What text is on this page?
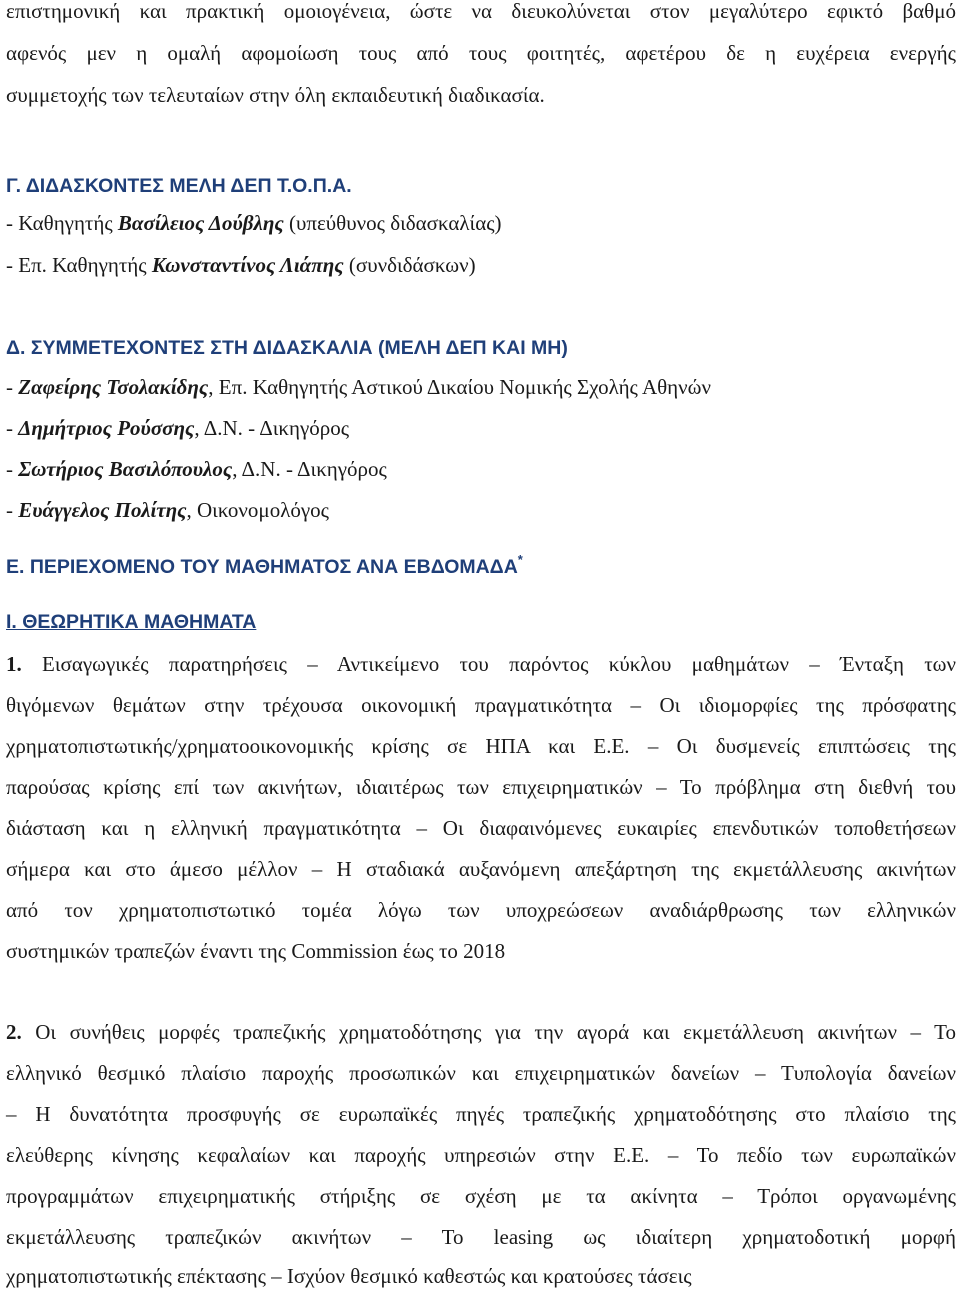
επιστημονική και πρακτική ομοιογένεια, ώστε να διευκολύνεται στον μεγαλύτερο εφικτό βαθμό
αφενός μεν η ομαλή αφομοίωση τους από τους φοιτητές, αφετέρου δε η ευχέρεια ενεργής
συμμετοχής των τελευταίων στην όλη εκπαιδευτική διαδικασία.
Γ. ΔΙΔΑΣΚΟΝΤΕΣ ΜΕΛΗ ΔΕΠ Τ.Ο.Π.Α.
- Καθηγητής Βασίλειος Δούβλης (υπεύθυνος διδασκαλίας)
- Επ. Καθηγητής Κωνσταντίνος Λιάπης (συνδιδάσκων)
Δ. ΣΥΜΜΕΤΕΧΟΝΤΕΣ ΣΤΗ ΔΙΔΑΣΚΑΛΙΑ (ΜΕΛΗ ΔΕΠ ΚΑΙ ΜΗ)
- Ζαφείρης Τσολακίδης, Επ. Καθηγητής Αστικού Δικαίου Νομικής Σχολής Αθηνών
- Δημήτριος Ρούσσης, Δ.Ν. - Δικηγόρος
- Σωτήριος Βασιλόπουλος, Δ.Ν. - Δικηγόρος
- Ευάγγελος Πολίτης, Οικονομολόγος
Ε. ΠΕΡΙΕΧΟΜΕΝΟ ΤΟΥ ΜΑΘΗΜΑΤΟΣ ΑΝΑ ΕΒΔΟΜΑΔΑ*
Ι. ΘΕΩΡΗΤΙΚΑ ΜΑΘΗΜΑΤΑ
1. Εισαγωγικές παρατηρήσεις – Αντικείμενο του παρόντος κύκλου μαθημάτων – Ένταξη των
θιγόμενων θεμάτων στην τρέχουσα οικονομική πραγματικότητα – Οι ιδιομορφίες της πρόσφατης
χρηματοπιστωτικής/χρηματοοικονομικής κρίσης σε ΗΠΑ και Ε.Ε. – Οι δυσμενείς επιπτώσεις της
παρούσας κρίσης επί των ακινήτων, ιδιαιτέρως των επιχειρηματικών – Το πρόβλημα στη διεθνή του
διάσταση και η ελληνική πραγματικότητα – Οι διαφαινόμενες ευκαιρίες επενδυτικών τοποθετήσεων
σήμερα και στο άμεσο μέλλον – Η σταδιακά αυξανόμενη απεξάρτηση της εκμετάλλευσης ακινήτων
από τον χρηματοπιστωτικό τομέα λόγω των υποχρεώσεων αναδιάρθρωσης των ελληνικών
συστημικών τραπεζών έναντι της Commission έως το 2018
2. Οι συνήθεις μορφές τραπεζικής χρηματοδότησης για την αγορά και εκμετάλλευση ακινήτων – Το
ελληνικό θεσμικό πλαίσιο παροχής προσωπικών και επιχειρηματικών δανείων – Τυπολογία δανείων
– Η δυνατότητα προσφυγής σε ευρωπαϊκές πηγές τραπεζικής χρηματοδότησης στο πλαίσιο της
ελεύθερης κίνησης κεφαλαίων και παροχής υπηρεσιών στην Ε.Ε. – Το πεδίο των ευρωπαϊκών
προγραμμάτων επιχειρηματικής στήριξης σε σχέση με τα ακίνητα – Τρόποι οργανωμένης
εκμετάλλευσης τραπεζικών ακινήτων – Το leasing ως ιδιαίτερη χρηματοδοτική μορφή
χρηματοπιστωτικής επέκτασης – Ισχύον θεσμικό καθεστώς και κρατούσες τάσεις
